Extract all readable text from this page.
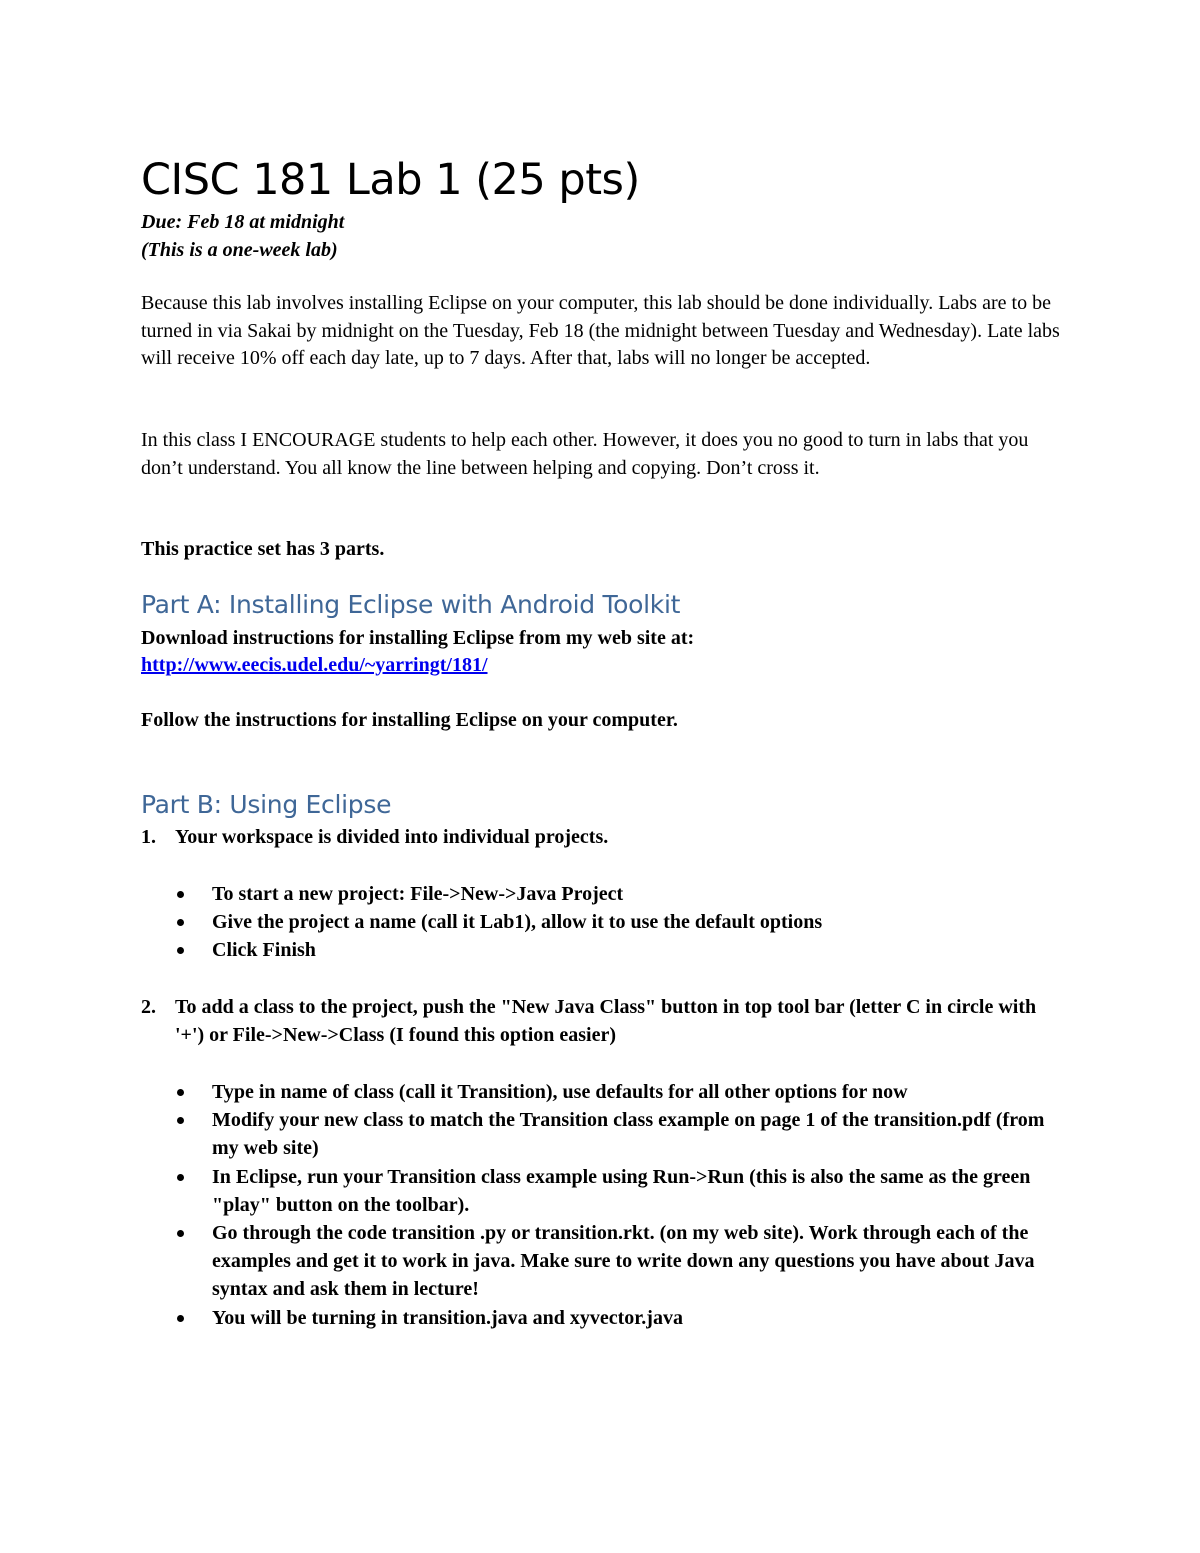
CISC 181 Lab 1 (25 pts)
Due: Feb 18 at midnight
(This is a one-week lab)

Because this lab involves installing Eclipse on your computer, this lab should be done individually. Labs are to be turned in via Sakai by midnight on the Tuesday, Feb 18 (the midnight between Tuesday and Wednesday). Late labs will receive 10% off each day late, up to 7 days. After that, labs will no longer be accepted.

In this class I ENCOURAGE students to help each other. However, it does you no good to turn in labs that you don’t understand. You all know the line between helping and copying. Don’t cross it.

This practice set has 3 parts.

Part A: Installing Eclipse with Android Toolkit

Download instructions for installing Eclipse from my web site at:

http://www.eecis.udel.edu/~yarringt/181/

Follow the instructions for installing Eclipse on your computer.

Part B: Using Eclipse
1. Your workspace is divided into individual projects.
To start a new project: File->New->Java Project
Give the project a name (call it Lab1), allow it to use the default options
Click Finish
2. To add a class to the project, push the "New Java Class" button in top tool bar (letter C in circle with '+') or File->New->Class (I found this option easier)
Type in name of class (call it Transition), use defaults for all other options for now
Modify your new class to match the Transition class example on page 1 of the transition.pdf (from my web site)
In Eclipse, run your Transition class example using Run->Run (this is also the same as the green "play" button on the toolbar).
Go through the code transition .py or transition.rkt. (on my web site). Work through each of the examples and get it to work in java. Make sure to write down any questions you have about Java syntax and ask them in lecture!
You will be turning in transition.java and xyvector.java
